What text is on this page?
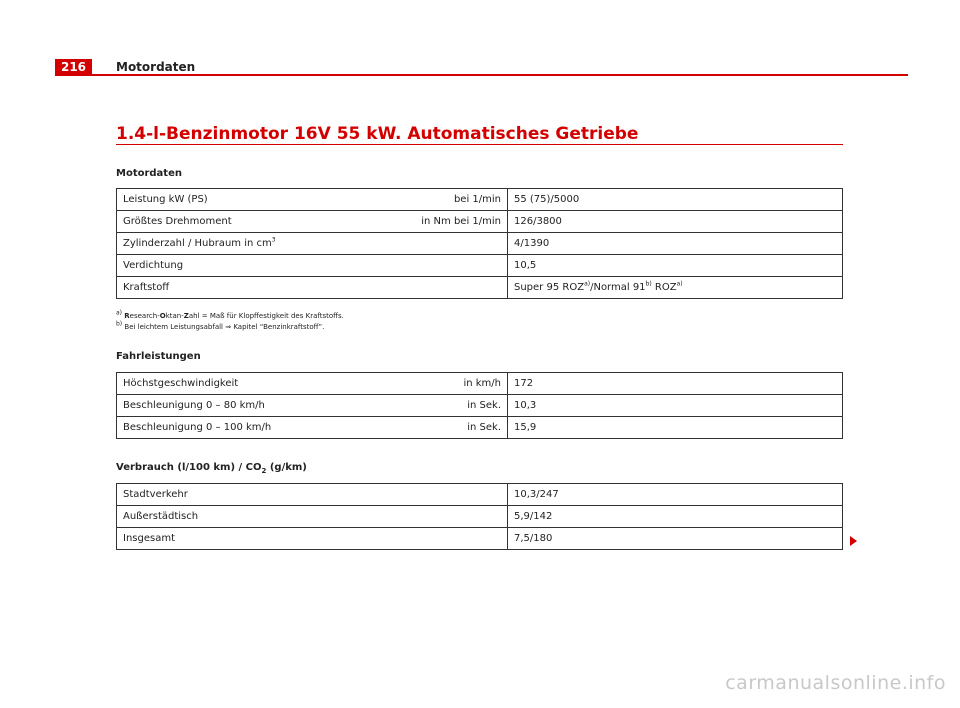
216	Motordaten
1.4-l-Benzinmotor 16V 55 kW. Automatisches Getriebe
Motordaten
Leistung kW (PS) bei 1/min	55 (75)/5000

Größtes Drehmoment in Nm bei 1/min	126/3800

Zylinderzahl / Hubraum in $cm^3$	4/1390

Verdichtung	10,5

Kraftstoff	Super 95 ROZ$^{a)}$/Normal 91$^{b)}$ ROZ$^{a)}$
$^{a)}$ Research-Oktan-Zahl = Maß für Klopffestigkeit des Kraftstoffs.
$^{b)}$ Bei leichtem Leistungsabfall ⇒ Kapitel “Benzinkraftstoff”.
Fahrleistungen
Höchstgeschwindigkeit in km/h	172

Beschleunigung 0 – 80 km/h in Sek.	10,3

Beschleunigung 0 – 100 km/h in Sek.	15,9
Verbrauch (l/100 $km) / CO_2$ (g/km)
Stadtverkehr	10,3/247
Außerstädtisch	5,9/142
Insgesamt	7,5/180
carmanualsonline.info
